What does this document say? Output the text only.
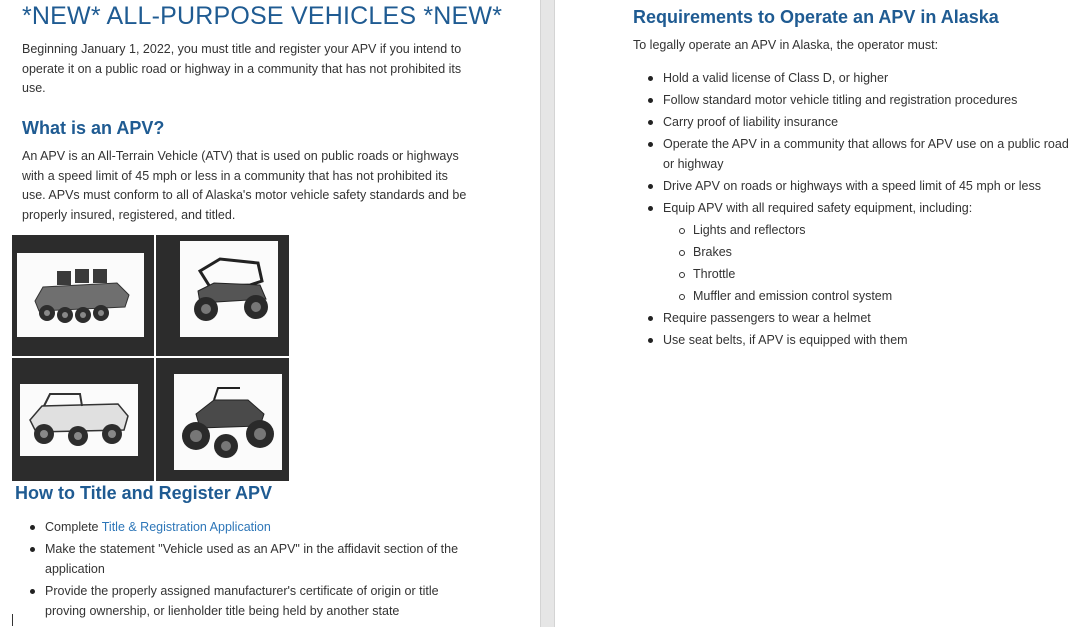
*NEW* ALL-PURPOSE VEHICLES *NEW*

Beginning January 1, 2022, you must title and register your APV if you intend to operate it on a public road or highway in a community that has not prohibited its use.

What is an APV?

An APV is an All-Terrain Vehicle (ATV) that is used on public roads or highways with a speed limit of 45 mph or less in a community that has not prohibited its use. APVs must conform to all of Alaska's motor vehicle safety standards and be properly insured, registered, and titled.

How to Title and Register APV
Complete Title & Registration Application
Make the statement "Vehicle used as an APV" in the affidavit section of the application
Provide the properly assigned manufacturer's certificate of origin or title proving ownership, or lienholder title being held by another state
Requirements to Operate an APV in Alaska

To legally operate an APV in Alaska, the operator must:

Hold a valid license of Class D, or higher
Follow standard motor vehicle titling and registration procedures
Carry proof of liability insurance
Operate the APV in a community that allows for APV use on a public road or highway
Drive APV on roads or highways with a speed limit of 45 mph or less
Equip APV with all required safety equipment, including:
Lights and reflectors
Brakes
Throttle
Muffler and emission control system
Require passengers to wear a helmet
Use seat belts, if APV is equipped with them
